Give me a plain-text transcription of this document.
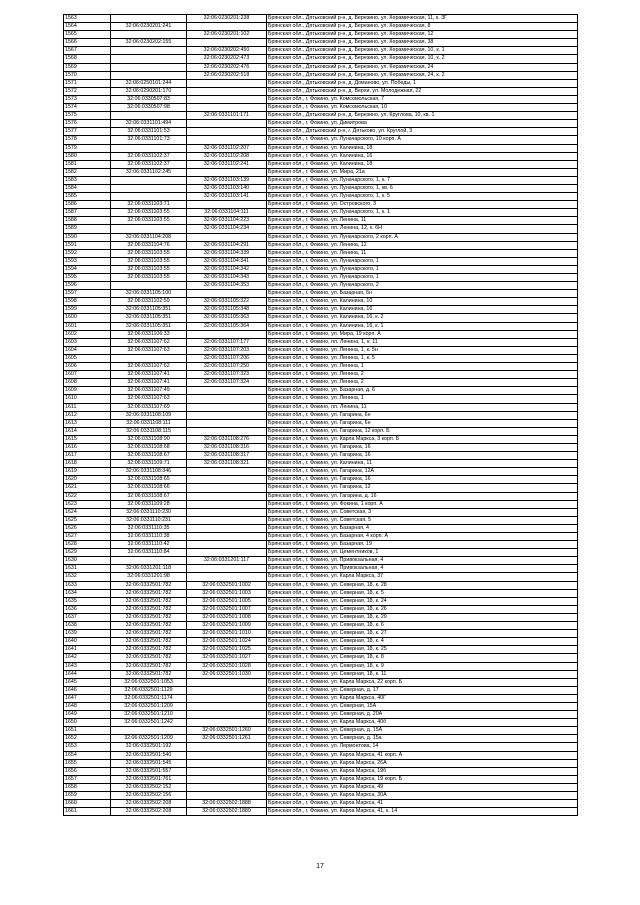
1563		32:06:0230201:238	Брянская обл., Дятьковский р-н, д. Березино, ул. Керамическая, 11, к. 3Г
1564	32:06:0230201:241		Брянская обл., Дятьковский р-н, д. Березино, ул. Керамическая, 8
1565		32:06:0230201:102	Брянская обл., Дятьковский р-н, д. Березино, ул. Керамическая, 12
1566	32:06:0230202:155		Брянская обл., Дятьковский р-н, д. Березино, ул. Керамическая, 38
1567		32:06:0230202:450	Брянская обл., Дятьковский р-н, д. Березино, ул. Керамическая, 10, к. 1
1568		32:06:0230202:473	Брянская обл., Дятьковский р-н, д. Березино, ул. Керамическая, 10, к. 2
1569		32:06:0230202:476	Брянская обл., Дятьковский р-н, д. Березино, ул. Керамическая, 24
1570		32:06:0230202:518	Брянская обл., Дятьковский р-н, д. Березино, ул. Керамическая, 24, к. 2
1571	32:06:0250101:244		Брянская обл., Дятьковский р-н, д. Доманово, ул. Победы, 1
1572	32:06:0290201:170		Брянская обл., Дятьковский р-н, д. Верхи, ул. Молодежная, 22
1573	32:06:0330507:83		Брянская обл., г. Фокино, ул. Комсомольская, 7
1574	32:06:0330507:98		Брянская обл., г. Фокино, ул. Комсомольская, 10
1575		32:06:0331101:171	Брянская обл., Дятьковский р-н, д. Березино, ул. Круглова, 10, кв. 1
1576	32:06:0331101:494		Брянская обл., г. Фокино, ул. Димитрова
1577	32:06:0331101:53		Брянская обл., Дятьковский р-н, г. Дятьково, ул. Круглой, 3
1578	32:06:0331101:73		Брянская обл., г. Фокино, ул. Луначарского, 10 корп. А
1579		32:06:0331102:207	Брянская обл., г. Фокино, ул. Калинина, 18
1580	32:06:0331102:37	32:06:0331102:208	Брянская обл., г. Фокино, ул. Калинина, 16
1581	32:06:0331102:37	32:06:0331102:241	Брянская обл., г. Фокино, ул. Калинина, 18
1582	32:06:0331102:245		Брянская обл., г. Фокино, ул. Мира, 21а
1583		32:06:0331103:139	Брянская обл., г. Фокино, ул. Луначарского, 1, к. 7
1584		32:06:0331103:140	Брянская обл., г. Фокино, ул. Луначарского, 1, кв. 6
1585		32:06:0331103:141	Брянская обл., г. Фокино, ул. Луначарского, 1, к. 5
1586	32:06:0331103:71		Брянская обл., г. Фокино, ул. Островского, 3
1587	32:06:0331103:55	32:06:0331104:111	Брянская обл., г. Фокино, ул. Луначарского, 1, к. 1
1588	32:06:0331103:55	32:06:0331104:223	Брянская обл., г. Фокино, ул. Ленина, 11
1589		32:06:0331104:234	Брянская обл., г. Фокино, пл. Ленина, 12, к. 6Н
1590	32:06:0331104:208		Брянская обл., г. Фокино, ул. Луначарского, 2 корп. А
1591	32:06:0331104:76	32:06:0331104:291	Брянская обл., г. Фокино, ул. Ленина, 12
1592	32:06:0331103:55	32:06:0331104:339	Брянская обл., г. Фокино, ул. Ленина, 11
1593	32:06:0331103:55	32:06:0331104:341	Брянская обл., г. Фокино, ул. Луначарского, 1
1594	32:06:0331103:55	32:06:0331104:342	Брянская обл., г. Фокино, ул. Луначарского, 1
1595	32:06:0331103:55	32:06:0331104:343	Брянская обл., г. Фокино, ул. Луначарского, 1
1596		32:06:0331104:353	Брянская обл., г. Фокино, ул. Луначарского, 2
1597	32:06:0331105:100		Брянская обл., г. Фокино, ул. Базарная, 6н
1598	32:06:0331102:59	32:06:0331105:322	Брянская обл., г. Фокино, ул. Калинина, 10
1599	32:06:0331105:351	32:06:0331105:348	Брянская обл., г. Фокино, ул. Калинина, 16
1600	32:06:0331105:351	32:06:0331105:363	Брянская обл., г. Фокино, ул. Калинина, 16, к. 2
1601	32:06:0331105:351	32:06:0331105:364	Брянская обл., г. Фокино, ул. Калинина, 16, к. 1
1602	32:06:0331106:33		Брянская обл., г. Фокино, ул. Мира, 19 корп. А
1603	32:06:0331107:62	32:06:0331107:177	Брянская обл., г. Фокино, пл. Ленина, 1, к. 11
1604	32:06:0331107:63	32:06:0331107:203	Брянская обл., г. Фокино, ул. Ленина, 1, к. 5н
1605		32:06:0331107:206	Брянская обл., г. Фокино, ул. Ленина, 1, к. 5
1606	32:06:0331107:62	32:06:0331107:250	Брянская обл., г. Фокино, ул. Ленина, 1
1607	32:06:0331107:41	32:06:0331107:323	Брянская обл., г. Фокино, ул. Ленина, 2
1608	32:06:0331107:41	32:06:0331107:324	Брянская обл., г. Фокино, ул. Ленина, 2
1609	32:06:0331107:49		Брянская обл., г. Фокино, ул. Базарная, д. 6
1610	32:06:0331107:63		Брянская обл., г. Фокино, ул. Ленина, 1
1611	32:06:0331107:69		Брянская обл., г. Фокино, пл. Ленина, 11
1612	32:06:0331108:109		Брянская обл., г. Фокино, ул. Гагарина, 6н
1613	32:06:0331108:111		Брянская обл., г. Фокино, ул. Гагарина, 6н
1614	32:06:0331108:115		Брянская обл., г. Фокино, ул. Гагарина, 12 корп. Б
1615	32:06:0331108:90	32:06:0331108:276	Брянская обл., г. Фокино, ул. Карла Маркса, 3 корп. Б
1616	32:06:0331108:68	32:06:0331108:316	Брянская обл., г. Фокино, ул. Гагарина, 16
1617	32:06:0331108:67	32:06:0331108:317	Брянская обл., г. Фокино, ул. Гагарина, 16
1618	32:06:0331109:71	32:06:0331108:321	Брянская обл., г. Фокино, ул. Калинина, 11
1619	32:06:0331108:346		Брянская обл., г. Фокино, ул. Гагарина, 12А
1620	32:06:0331108:65		Брянская обл., г. Фокино, ул. Гагарина, 16
1621	32:06:0331108:66		Брянская обл., г. Фокино, ул. Гагарина, 12
1622	32:06:0331108:67		Брянская обл., г. Фокино, ул. Гагарина, д. 16
1623	32:06:0331109:28		Брянская обл., г. Фокино, ул. Фокина, 1 корп. А
1624	32:06:0331110:230		Брянская обл., г. Фокино, ул. Советская, 3
1625	32:06:0331110:231		Брянская обл., г. Фокино, ул. Советская, 5
1626	32:06:0331110:35		Брянская обл., г. Фокино, ул. Базарная, 4
1627	32:06:0331110:38		Брянская обл., г. Фокино, ул. Базарная, 4 корп. А
1628	32:06:0331110:42		Брянская обл., г. Фокино, ул. Базарная, 19
1629	32:06:0331110:84		Брянская обл., г. Фокино, ул. Цементников, 1
1630		32:06:0331201:117	Брянская обл., г. Фокино, ул. Привокзальная, 4
1631	32:06:0331201:118		Брянская обл., г. Фокино, ул. Привокзальная, 4
1632	32:06:0331201:98		Брянская обл., г. Фокино, ул. Карла Маркса, 37
1633	32:06:0332501:782	32:06:0332501:1002	Брянская обл., г. Фокино, ул. Северная, 18, к. 28
1634	32:06:0332501:782	32:06:0332501:1003	Брянская обл., г. Фокино, ул. Северная, 18, к. 5
1635	32:06:0332501:782	32:06:0332501:1005	Брянская обл., г. Фокино, ул. Северная, 18, к. 24
1636	32:06:0332501:782	32:06:0332501:1007	Брянская обл., г. Фокино, ул. Северная, 18, к. 26
1637	32:06:0332501:782	32:06:0332501:1008	Брянская обл., г. Фокино, ул. Северная, 18, к. 29
1638	32:06:0332501:782	32:06:0332501:1009	Брянская обл., г. Фокино, ул. Северная, 18, к. 6
1639	32:06:0332501:782	32:06:0332501:1010	Брянская обл., г. Фокино, ул. Северная, 18, к. 27
1640	32:06:0332501:782	32:06:0332501:1024	Брянская обл., г. Фокино, ул. Северная, 18, к. 4
1641	32:06:0332501:782	32:06:0332501:1025	Брянская обл., г. Фокино, ул. Северная, 18, к. 25
1642	32:06:0332501:782	32:06:0332501:1027	Брянская обл., г. Фокино, ул. Северная, 18, к. 8
1643	32:06:0332501:782	32:06:0332501:1028	Брянская обл., г. Фокино, ул. Северная, 18, к. 9
1644	32:06:0332501:782	32:06:0332501:1030	Брянская обл., г. Фокино, ул. Северная, 18, к. 11
1645	32:06:0332501:1053		Брянская обл., г. Фокино, ул. Карла Маркса, 22 корп. Б
1646	32:06:0332501:1129		Брянская обл., г. Фокино, ул. Северная, д. 17
1647	32:06:0332501:1174		Брянская обл., г. Фокино, ул. Карла Маркса, 40Г
1648	32:06:0332501:1209		Брянская обл., г. Фокино, ул. Северная, 15А
1649	32:06:0332501:1210		Брянская обл., г. Фокино, ул. Северная, д. 20А
1650	32:06:0332501:1242		Брянская обл., г. Фокино, ул. Карла Маркса, 40б
1651		32:06:0332501:1260	Брянская обл., г. Фокино, ул. Северная, д. 15А
1652	32:06:0332501:1209	32:06:0332501:1261	Брянская обл., г. Фокино, ул. Северная, д. 15а
1653	32:06:0332501:192		Брянская обл., г. Фокино, ул. Лермонтова, 14
1654	32:06:0332501:540		Брянская обл., г. Фокино, ул. Карла Маркса, 41 корп. А
1655	32:06:0332501:545		Брянская обл., г. Фокино, ул. Карла Маркса, 26А
1656	32:06:0332501:557		Брянская обл., г. Фокино, ул. Карла Маркса, 19б
1657	32:06:0332501:761		Брянская обл., г. Фокино, ул. Карла Маркса, 19 корп. Б
1658	32:06:0332502:152		Брянская обл., г. Фокино, ул. Карла Маркса, 49
1659	32:06:0332502:156		Брянская обл., г. Фокино, ул. Карла Маркса, 30А
1660	32:06:0332502:208	32:06:0332502:1888	Брянская обл., г. Фокино, ул. Карла Маркса, 41
1661	32:06:0332502:208	32:06:0332502:1889	Брянская обл., г. Фокино, ул. Карла Маркса, 41, к. 14
17
